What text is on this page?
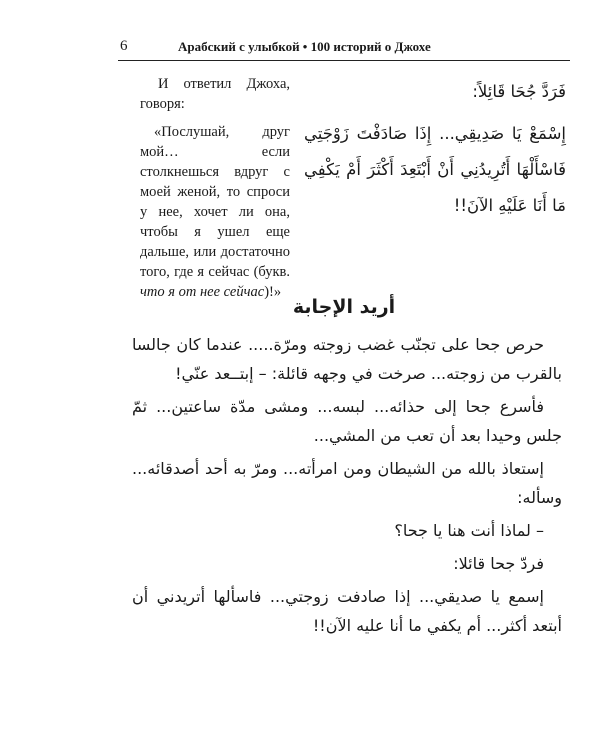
6	Арабский с улыбкой • 100 историй о Джохе

И ответил Джоха, говоря:

«Послушай, друг мой… если столкнешься вдруг с моей женой, то спроси у нее, хочет ли она, чтобы я ушел еще дальше, или достаточно того, где я сейчас (букв. что я от нее сейчас)!»

فَرَدَّ جُحَا قَائِلاً:

إِسْمَعْ يَا صَدِيقِي... إِذَا صَادَفْتَ زَوْجَتِي فَاسْأَلْهَا أَتُرِيدُنِي أَنْ أَبْتَعِدَ أَكْثَرَ أَمْ يَكْفِي مَا أَنَا عَلَيْهِ الآنَ!!

أريد الإجابة

حرص جحا على تجنّب غضب زوجته ومرّة..... عندما كان جالسا بالقرب من زوجته... صرخت في وجهه قائلة: – إبتــعد عنّي!

فأسرع جحا إلى حذائه... لبسه... ومشى مدّة ساعتين... ثمّ جلس وحيدا بعد أن تعب من المشي...

إستعاذ بالله من الشيطان ومن امرأته... ومرّ به أحد أصدقائه... وسأله:

– لماذا أنت هنا يا جحا؟

فردّ جحا قائلا:

إسمع يا صديقي... إذا صادفت زوجتي... فاسألها أتريدني أن أبتعد أكثر... أم يكفي ما أنا عليه الآن!!
